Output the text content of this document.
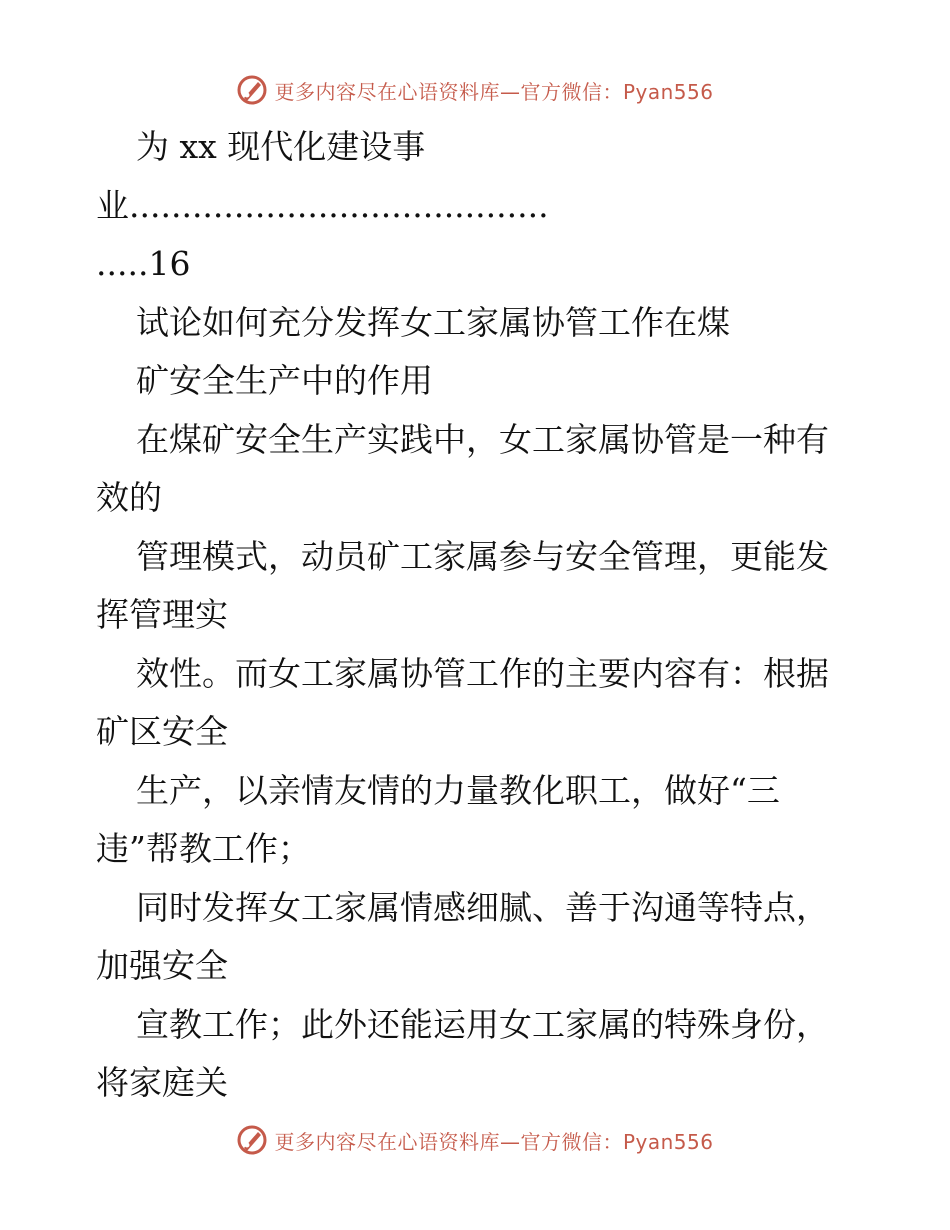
更多内容尽在心语资料库—官方微信：Pyan556
为 xx 现代化建设事
业........................................
.....16
试论如何充分发挥女工家属协管工作在煤
矿安全生产中的作用
在煤矿安全生产实践中，女工家属协管是一种有
效的
管理模式，动员矿工家属参与安全管理，更能发
挥管理实
效性。而女工家属协管工作的主要内容有：根据
矿区安全
生产，以亲情友情的力量教化职工，做好“三
违”帮教工作；
同时发挥女工家属情感细腻、善于沟通等特点，
加强安全
宣教工作；此外还能运用女工家属的特殊身份，
将家庭关
更多内容尽在心语资料库—官方微信：Pyan556
